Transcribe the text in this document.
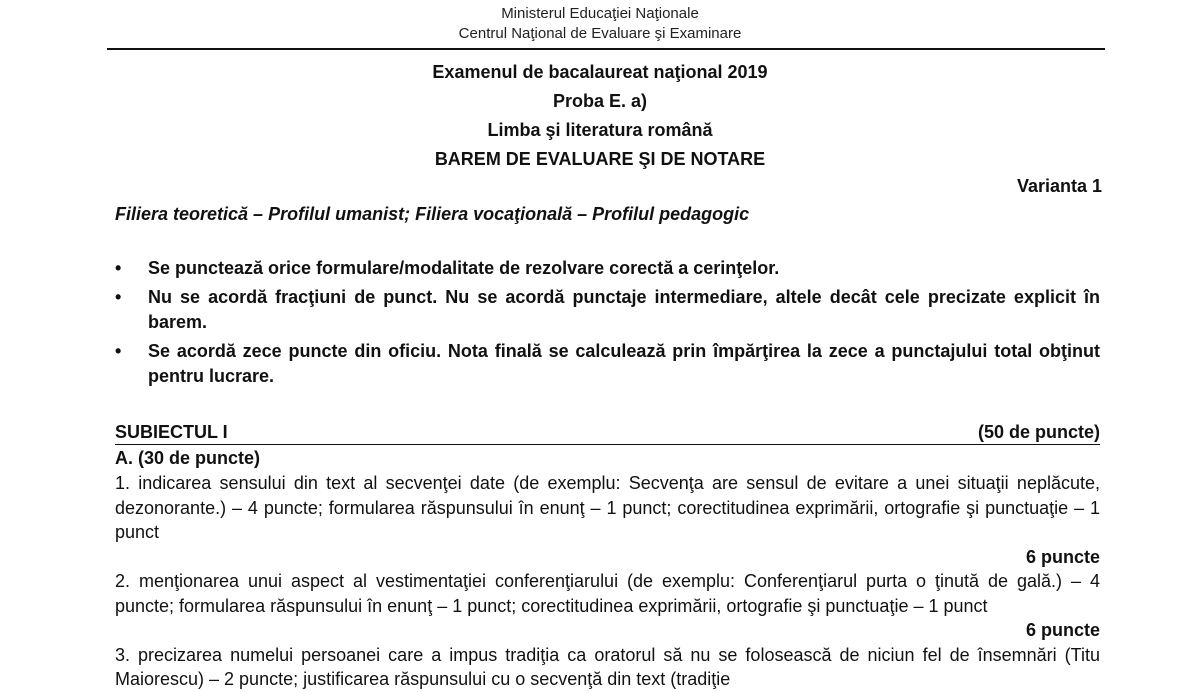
Ministerul Educaţiei Naţionale
Centrul Naţional de Evaluare şi Examinare
Examenul de bacalaureat naţional 2019
Proba E. a)
Limba şi literatura română
BAREM DE EVALUARE ŞI DE NOTARE
Varianta 1
Filiera teoretică – Profilul umanist; Filiera vocaţională – Profilul pedagogic
• Se punctează orice formulare/modalitate de rezolvare corectă a cerinţelor.
• Nu se acordă fracţiuni de punct. Nu se acordă punctaje intermediare, altele decât cele precizate explicit în barem.
• Se acordă zece puncte din oficiu. Nota finală se calculează prin împărţirea la zece a punctajului total obţinut pentru lucrare.
SUBIECTUL I	(50 de puncte)
A. (30 de puncte)

1. indicarea sensului din text al secvenţei date (de exemplu: Secvenţa are sensul de evitare a unei situaţii neplăcute, dezonorante.) – 4 puncte; formularea răspunsului în enunţ – 1 punct; corectitudinea exprimării, ortografie şi punctuaţie – 1 punct

6 puncte

2. menţionarea unui aspect al vestimentaţiei conferenţiarului (de exemplu: Conferenţiarul purta o ţinută de gală.) – 4 puncte; formularea răspunsului în enunţ – 1 punct; corectitudinea exprimării, ortografie şi punctuaţie – 1 punct

6 puncte

3. precizarea numelui persoanei care a impus tradiţia ca oratorul să nu se folosească de niciun fel de însemnări (Titu Maiorescu) – 2 puncte; justificarea răspunsului cu o secvenţă din text (tradiţie
